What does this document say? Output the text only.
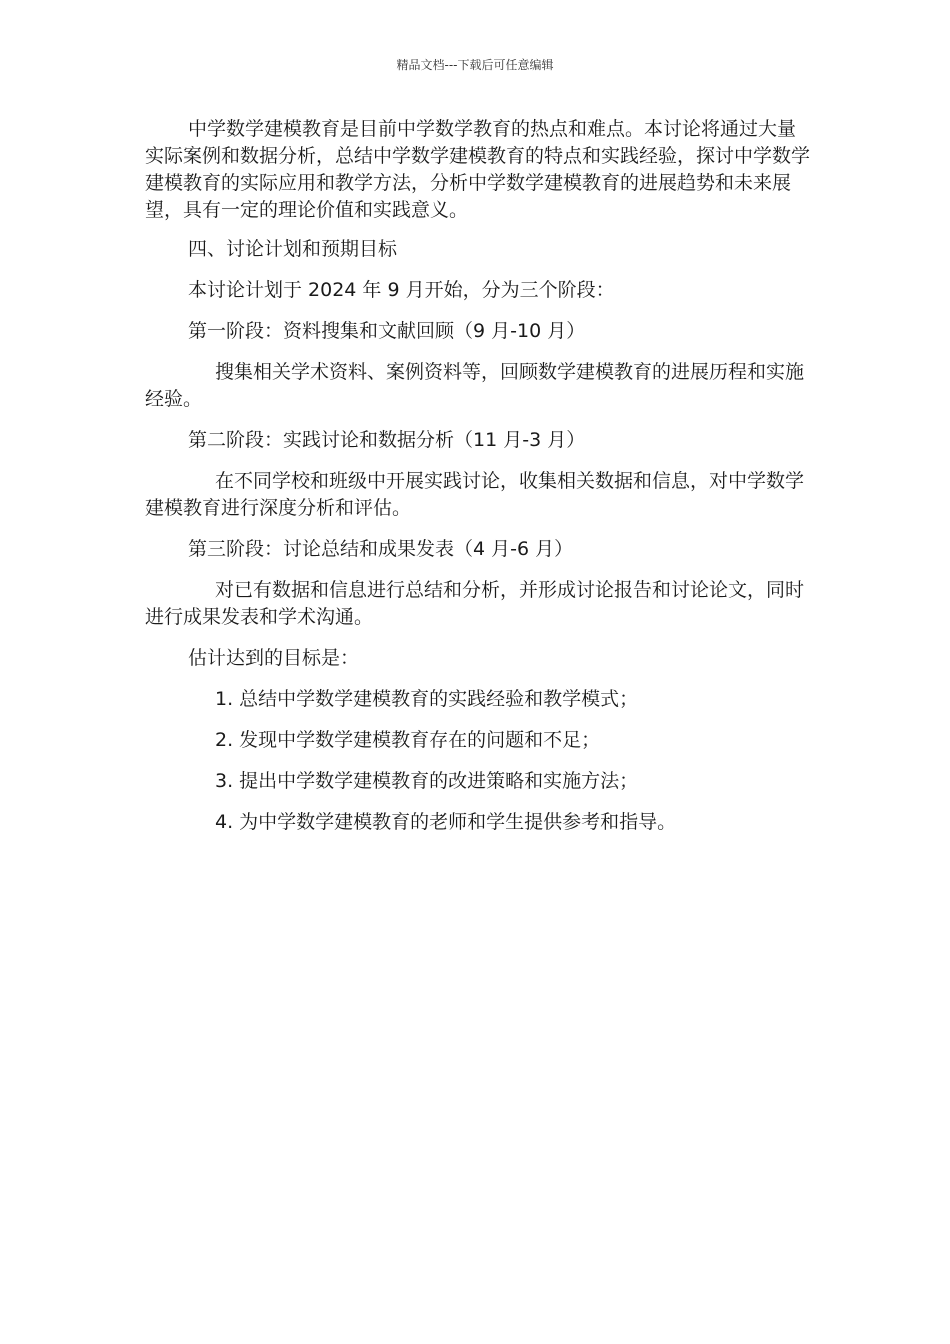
精品文档---下载后可任意编辑

中学数学建模教育是目前中学数学教育的热点和难点。本讨论将通过大量实际案例和数据分析，总结中学数学建模教育的特点和实践经验，探讨中学数学建模教育的实际应用和教学方法，分析中学数学建模教育的进展趋势和未来展望，具有一定的理论价值和实践意义。

四、讨论计划和预期目标

本讨论计划于 2024 年 9 月开始，分为三个阶段：

第一阶段：资料搜集和文献回顾（9 月-10 月）

搜集相关学术资料、案例资料等，回顾数学建模教育的进展历程和实施经验。

第二阶段：实践讨论和数据分析（11 月-3 月）

在不同学校和班级中开展实践讨论，收集相关数据和信息，对中学数学建模教育进行深度分析和评估。

第三阶段：讨论总结和成果发表（4 月-6 月）

对已有数据和信息进行总结和分析，并形成讨论报告和讨论论文，同时进行成果发表和学术沟通。

估计达到的目标是：

1. 总结中学数学建模教育的实践经验和教学模式；

2. 发现中学数学建模教育存在的问题和不足；

3. 提出中学数学建模教育的改进策略和实施方法；

4. 为中学数学建模教育的老师和学生提供参考和指导。
